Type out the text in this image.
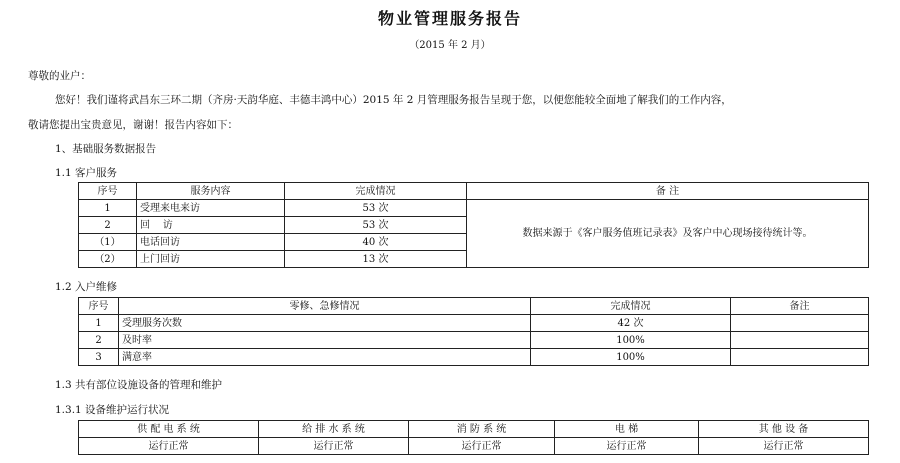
物业管理服务报告
（2015 年 2 月）
尊敬的业户：
您好！我们谨将武昌东三环二期（齐房·天韵华庭、丰德丰鸿中心）2015 年 2 月管理服务报告呈现于您，以便您能较全面地了解我们的工作内容，
敬请您提出宝贵意见，谢谢！报告内容如下：
1、基础服务数据报告
1.1 客户服务
序号	服务内容	完成情况	备 注
1	受理来电来访	53 次	数据来源于《客户服务值班记录表》及客户中心现场接待统计等。
2	回    访	53 次	
（1）	电话回访	40 次	
（2）	上门回访	13 次	
1.2 入户维修
序号	零修、急修情况	完成情况	备注
1	受理服务次数	42 次	
2	及时率	100%	
3	满意率	100%	
1.3 共有部位设施设备的管理和维护
1.3.1 设备维护运行状况
供 配 电 系 统	给 排 水 系 统	消 防 系 统	电 梯	其 他 设 备
运行正常	运行正常	运行正常	运行正常	运行正常
